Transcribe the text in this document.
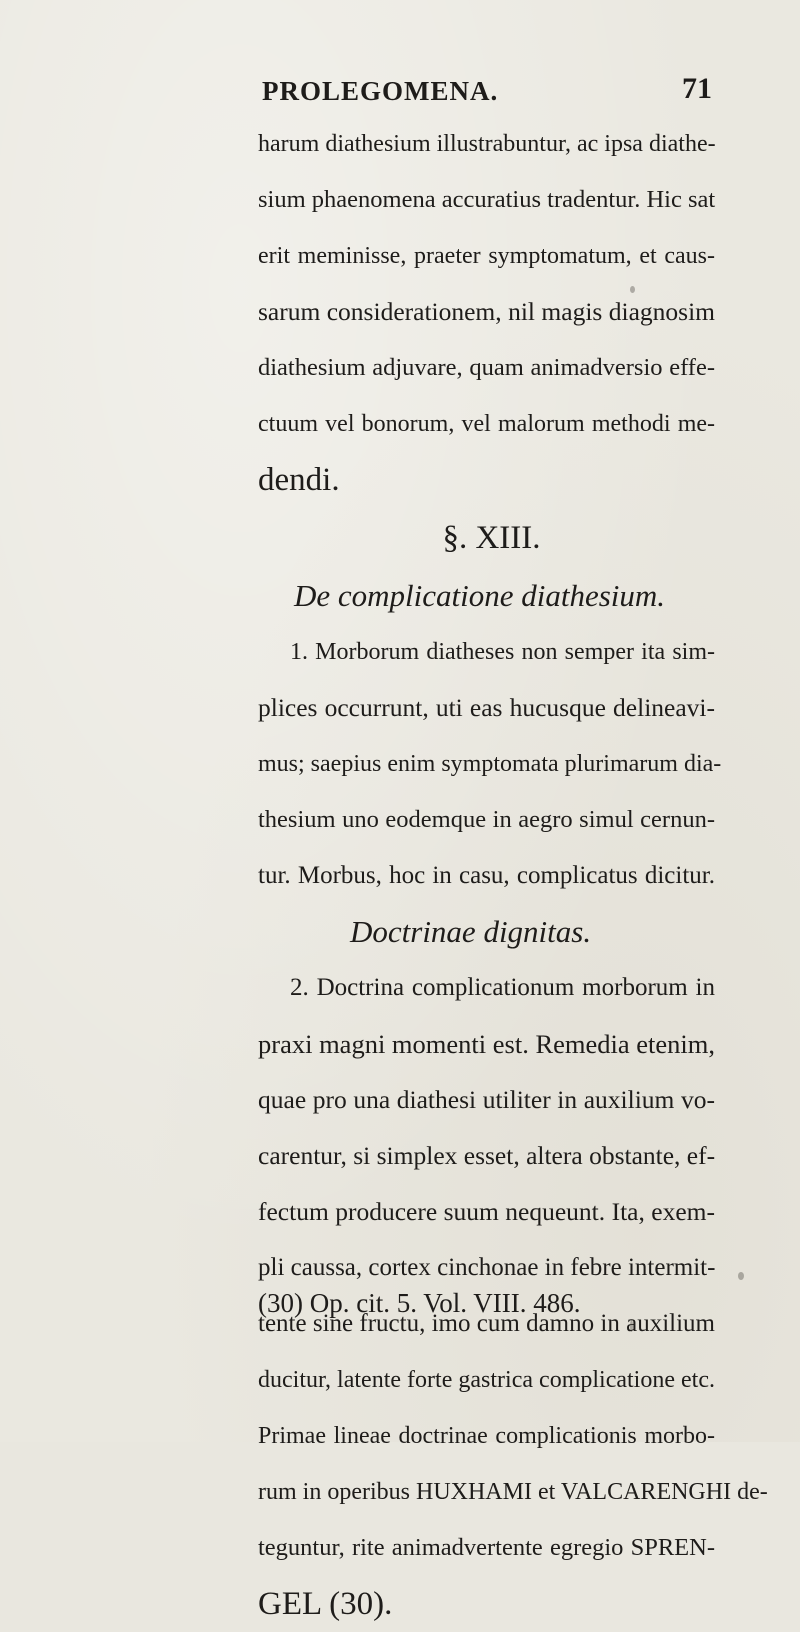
PROLEGOMENA.	71
harum diathesium illustrabuntur, ac ipsa diathe-
sium phaenomena accuratius tradentur. Hic sat
erit meminisse, praeter symptomatum, et caus-
sarum considerationem, nil magis diagnosim
diathesium adjuvare, quam animadversio effe-
ctuum vel bonorum, vel malorum methodi me-
dendi.
§. XIII.
De complicatione diathesium.
1. Morborum diatheses non semper ita sim-
plices occurrunt, uti eas hucusque delineavi-
mus; saepius enim symptomata plurimarum dia-
thesium uno eodemque in aegro simul cernun-
tur. Morbus, hoc in casu, complicatus dicitur.
Doctrinae dignitas.
2. Doctrina complicationum morborum in
praxi magni momenti est. Remedia etenim,
quae pro una diathesi utiliter in auxilium vo-
carentur, si simplex esset, altera obstante, ef-
fectum producere suum nequeunt. Ita, exem-
pli caussa, cortex cinchonae in febre intermit-
tente sine fructu, imo cum damno in auxilium
ducitur, latente forte gastrica complicatione etc.
Primae lineae doctrinae complicationis morbo-
rum in operibus HUXHAMI et VALCARENGHI de-
teguntur, rite animadvertente egregio SPREN-
GEL (30).
(30) Op. cit. 5. Vol. VIII. 486.
